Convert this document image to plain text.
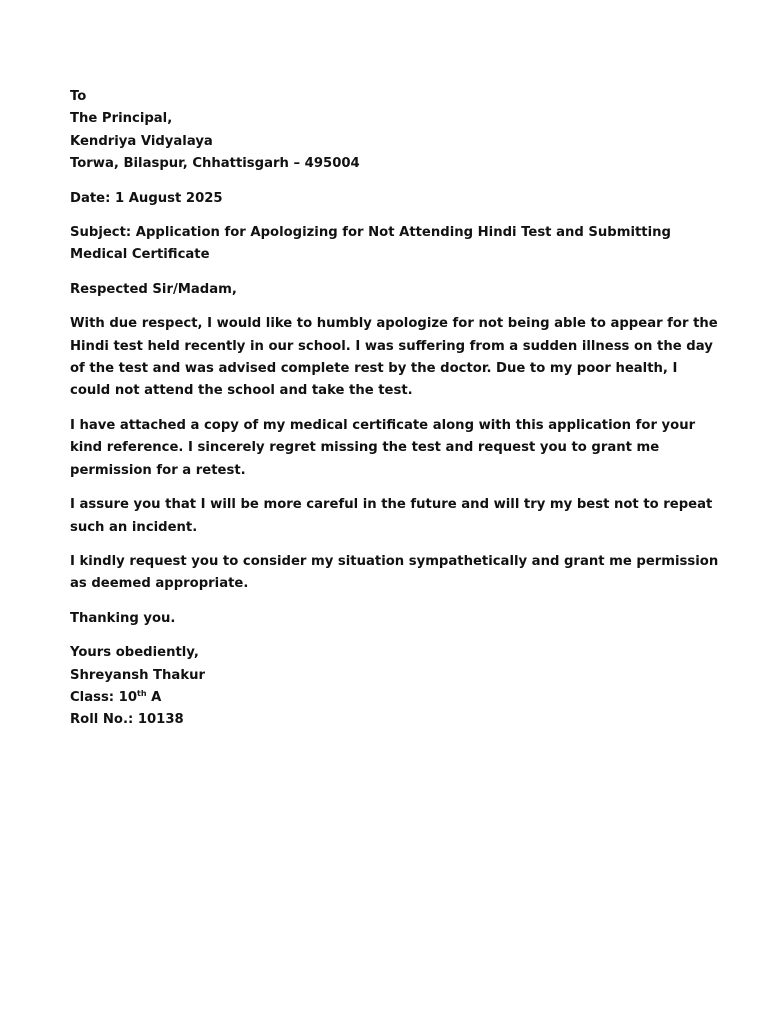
To
The Principal,
Kendriya Vidyalaya
Torwa, Bilaspur, Chhattisgarh – 495004

Date: 1 August 2025

Subject: Application for Apologizing for Not Attending Hindi Test and Submitting Medical Certificate

Respected Sir/Madam,

With due respect, I would like to humbly apologize for not being able to appear for the Hindi test held recently in our school. I was suffering from a sudden illness on the day of the test and was advised complete rest by the doctor. Due to my poor health, I could not attend the school and take the test.

I have attached a copy of my medical certificate along with this application for your kind reference. I sincerely regret missing the test and request you to grant me permission for a retest.

I assure you that I will be more careful in the future and will try my best not to repeat such an incident.

I kindly request you to consider my situation sympathetically and grant me permission as deemed appropriate.

Thanking you.

Yours obediently,
Shreyansh Thakur
Class: 10th A
Roll No.: 10138
